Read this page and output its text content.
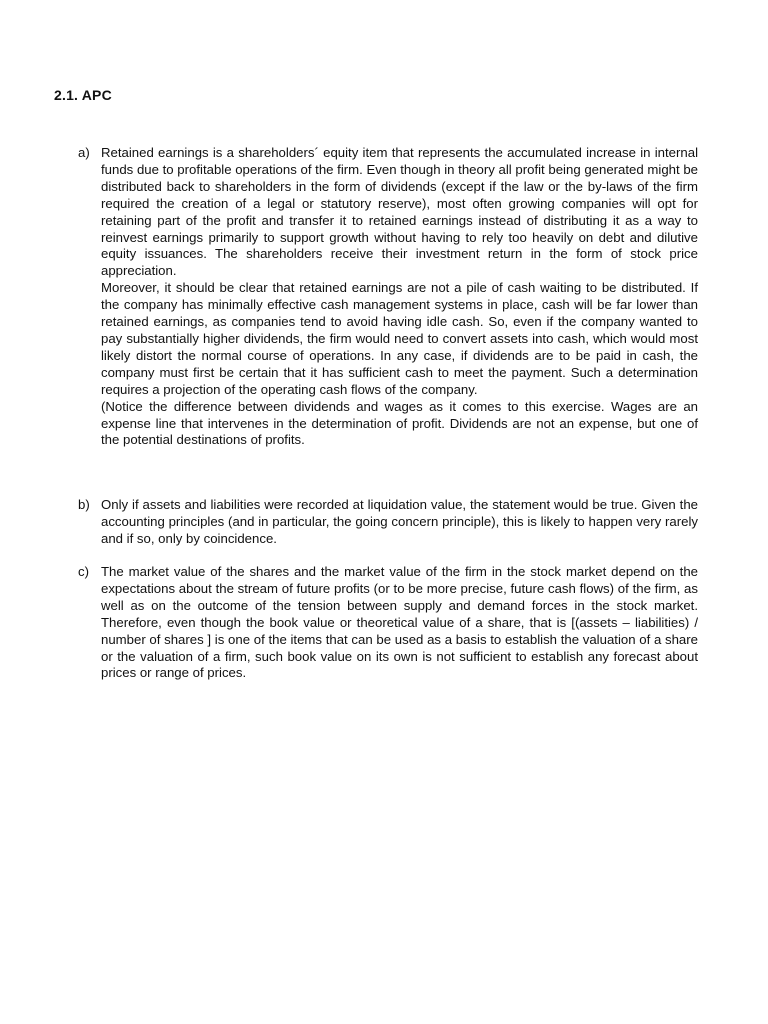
2.1. APC
a) Retained earnings is a shareholders´ equity item that represents the accumulated increase in internal funds due to profitable operations of the firm. Even though in theory all profit being generated might be distributed back to shareholders in the form of dividends (except if the law or the by-laws of the firm required the creation of a legal or statutory reserve), most often growing companies will opt for retaining part of the profit and transfer it to retained earnings instead of distributing it as a way to reinvest earnings primarily to support growth without having to rely too heavily on debt and dilutive equity issuances. The shareholders receive their investment return in the form of stock price appreciation.

Moreover, it should be clear that retained earnings are not a pile of cash waiting to be distributed. If the company has minimally effective cash management systems in place, cash will be far lower than retained earnings, as companies tend to avoid having idle cash. So, even if the company wanted to pay substantially higher dividends, the firm would need to convert assets into cash, which would most likely distort the normal course of operations. In any case, if dividends are to be paid in cash, the company must first be certain that it has sufficient cash to meet the payment. Such a determination requires a projection of the operating cash flows of the company.

(Notice the difference between dividends and wages as it comes to this exercise. Wages are an expense line that intervenes in the determination of profit. Dividends are not an expense, but one of the potential destinations of profits.

b) Only if assets and liabilities were recorded at liquidation value, the statement would be true. Given the accounting principles (and in particular, the going concern principle), this is likely to happen very rarely and if so, only by coincidence.

c) The market value of the shares and the market value of the firm in the stock market depend on the expectations about the stream of future profits (or to be more precise, future cash flows) of the firm, as well as on the outcome of the tension between supply and demand forces in the stock market. Therefore, even though the book value or theoretical value of a share, that is [(assets – liabilities) / number of shares ] is one of the items that can be used as a basis to establish the valuation of a share or the valuation of a firm, such book value on its own is not sufficient to establish any forecast about prices or range of prices.
